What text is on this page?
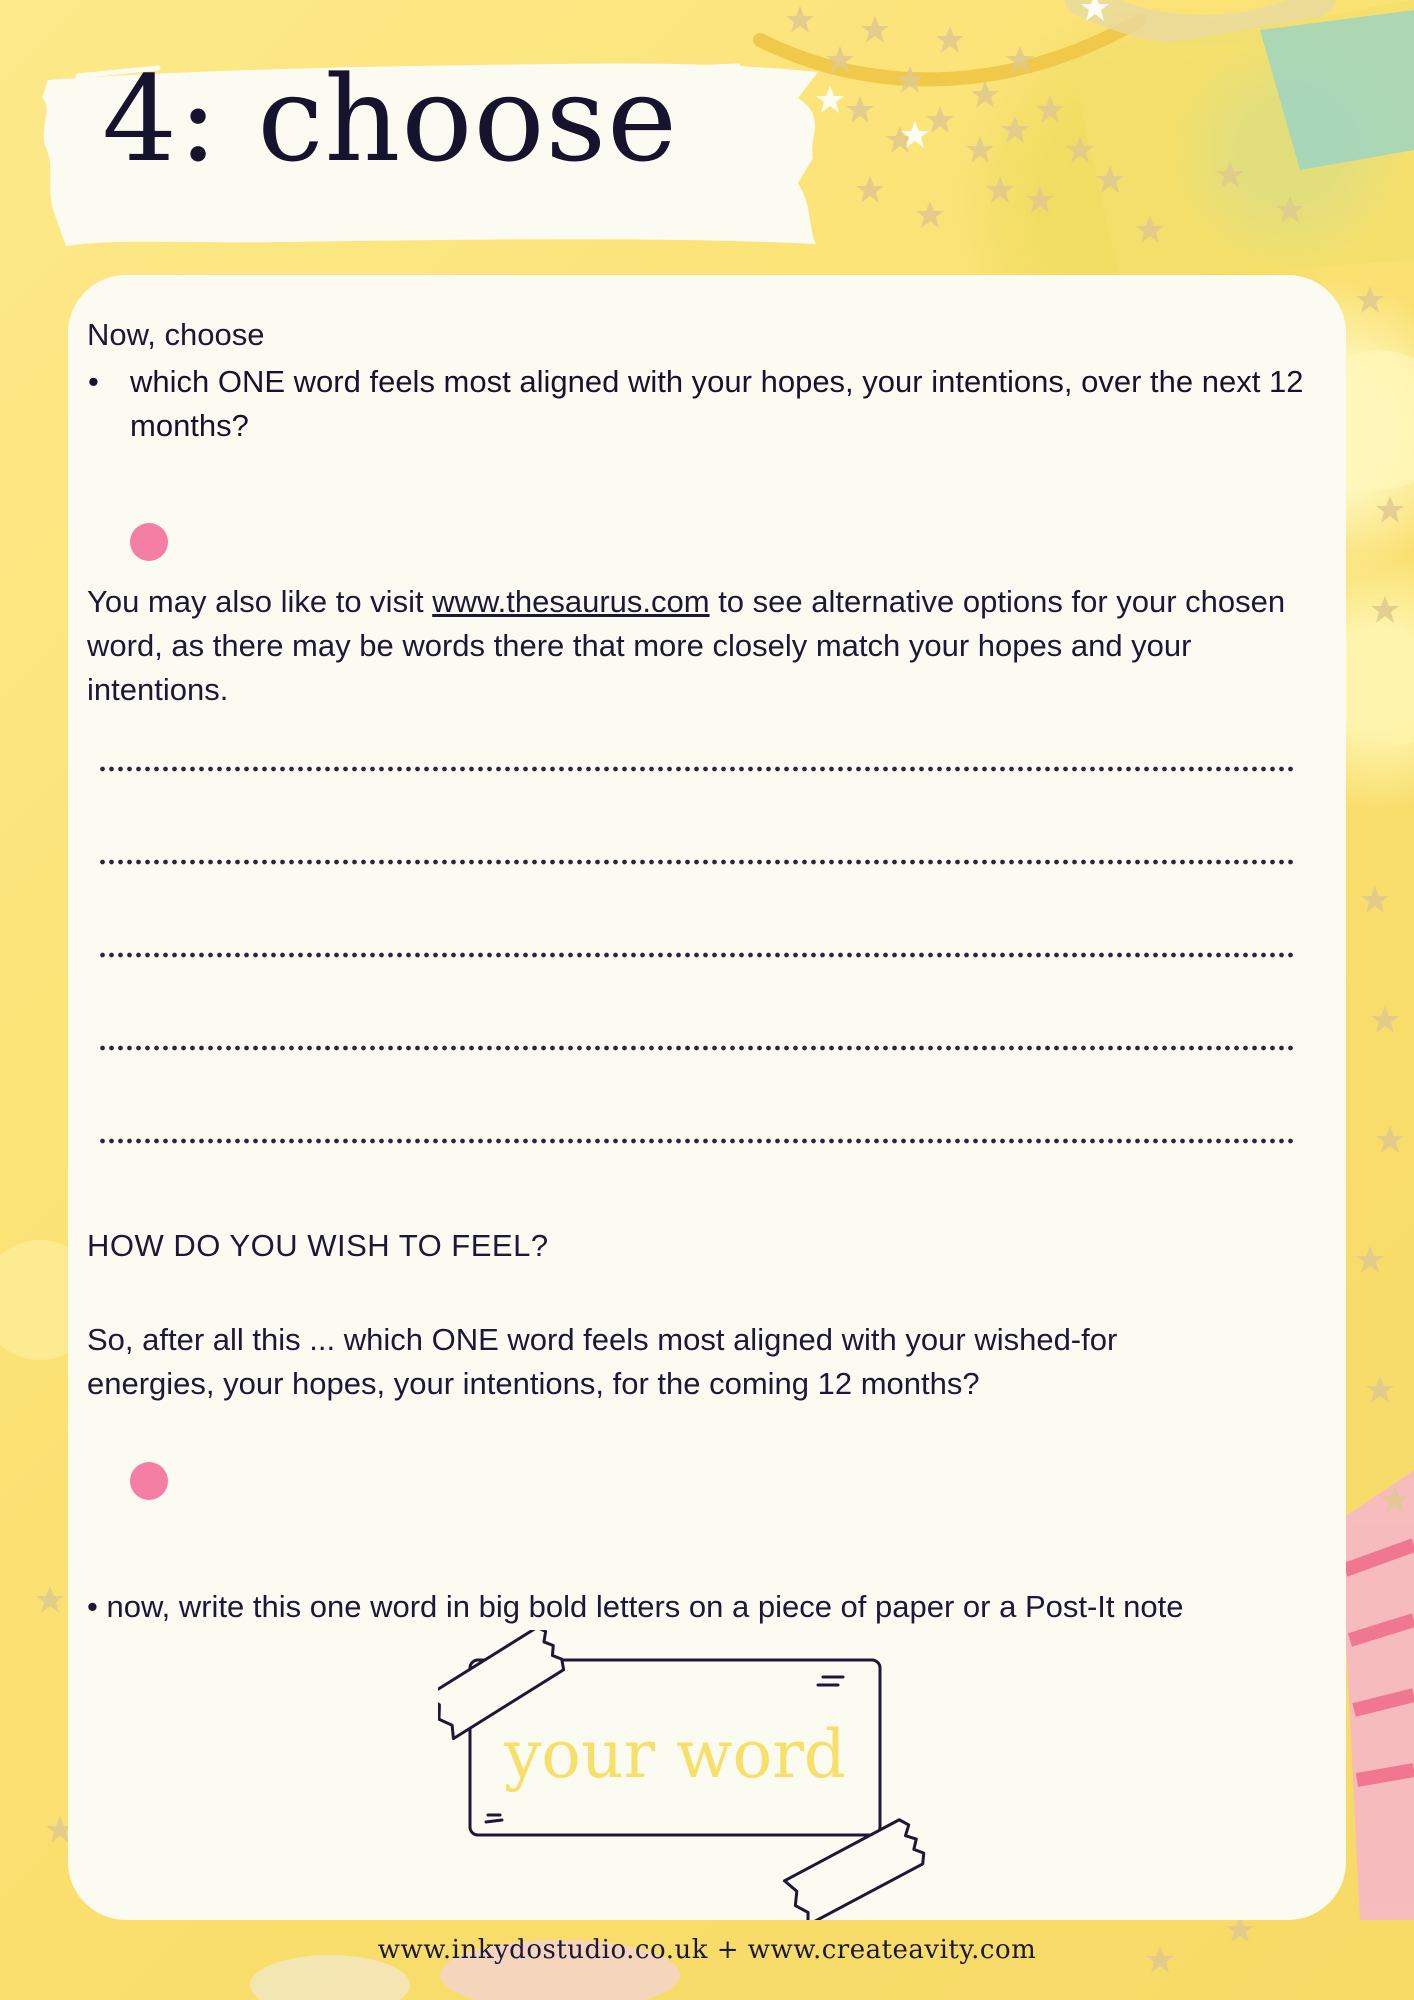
4: choose

Now, choose

• which ONE word feels most aligned with your hopes, your intentions, over the next 12 months?

You may also like to visit www.thesaurus.com to see alternative options for your chosen word, as there may be words there that more closely match your hopes and your intentions.

HOW DO YOU WISH TO FEEL?

So, after all this ... which ONE word feels most aligned with your wished-for energies, your hopes, your intentions, for the coming 12 months?

• now, write this one word in big bold letters on a piece of paper or a Post-It note

your word
www.inkydostudio.co.uk + www.createavity.com
